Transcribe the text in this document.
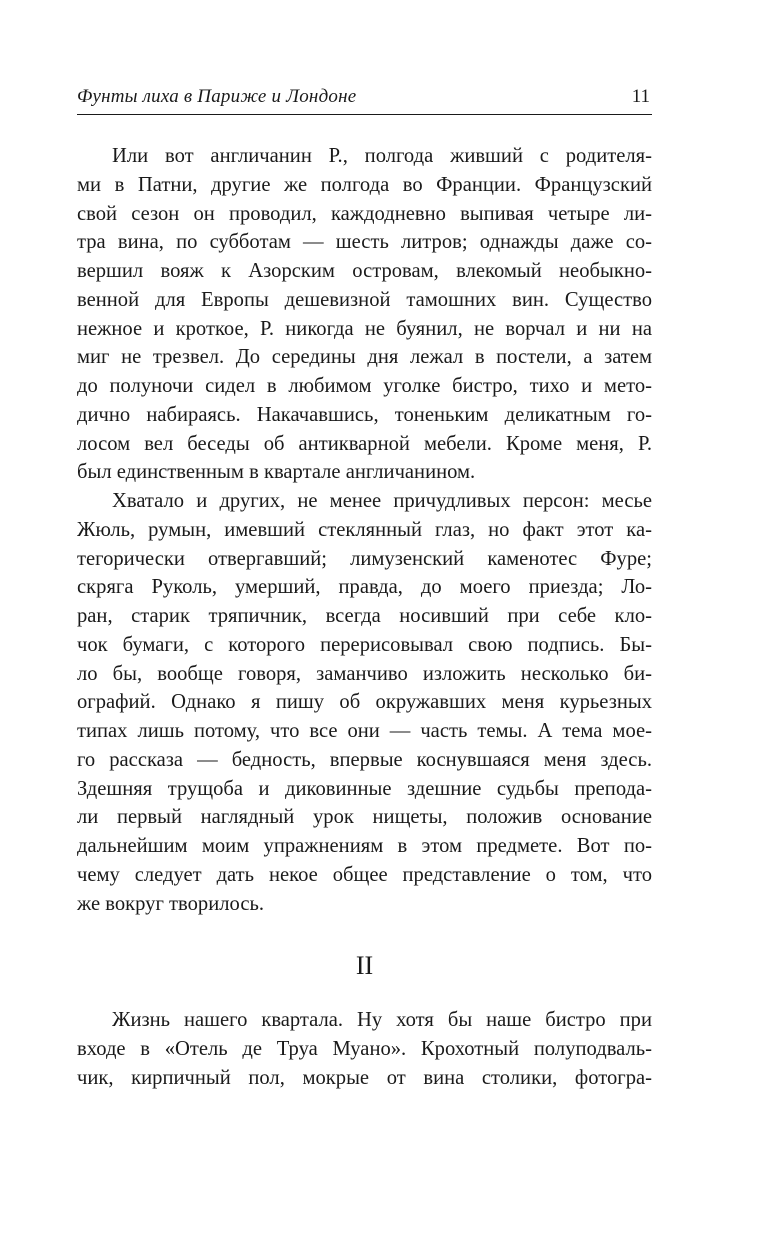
Фунты лиха в Париже и Лондоне	11
Или вот англичанин Р., полгода живший с родителя-
ми в Патни, другие же полгода во Франции. Французский
свой сезон он проводил, каждодневно выпивая четыре ли-
тра вина, по субботам — шесть литров; однажды даже со-
вершил вояж к Азорским островам, влекомый необыкно-
венной для Европы дешевизной тамошних вин. Существо
нежное и кроткое, Р. никогда не буянил, не ворчал и ни на
миг не трезвел. До середины дня лежал в постели, а затем
до полуночи сидел в любимом уголке бистро, тихо и мето-
дично набираясь. Накачавшись, тоненьким деликатным го-
лосом вел беседы об антикварной мебели. Кроме меня, Р.
был единственным в квартале англичанином.
Хватало и других, не менее причудливых персон: месье
Жюль, румын, имевший стеклянный глаз, но факт этот ка-
тегорически отвергавший; лимузенский каменотес Фуре;
скряга Руколь, умерший, правда, до моего приезда; Ло-
ран, старик тряпичник, всегда носивший при себе кло-
чок бумаги, с которого перерисовывал свою подпись. Бы-
ло бы, вообще говоря, заманчиво изложить несколько би-
ографий. Однако я пишу об окружавших меня курьезных
типах лишь потому, что все они — часть темы. А тема мое-
го рассказа — бедность, впервые коснувшаяся меня здесь.
Здешняя трущоба и диковинные здешние судьбы препода-
ли первый наглядный урок нищеты, положив основание
дальнейшим моим упражнениям в этом предмете. Вот по-
чему следует дать некое общее представление о том, что
же вокруг творилось.
II
Жизнь нашего квартала. Ну хотя бы наше бистро при
входе в «Отель де Труа Муано». Крохотный полуподваль-
чик, кирпичный пол, мокрые от вина столики, фотогра-
